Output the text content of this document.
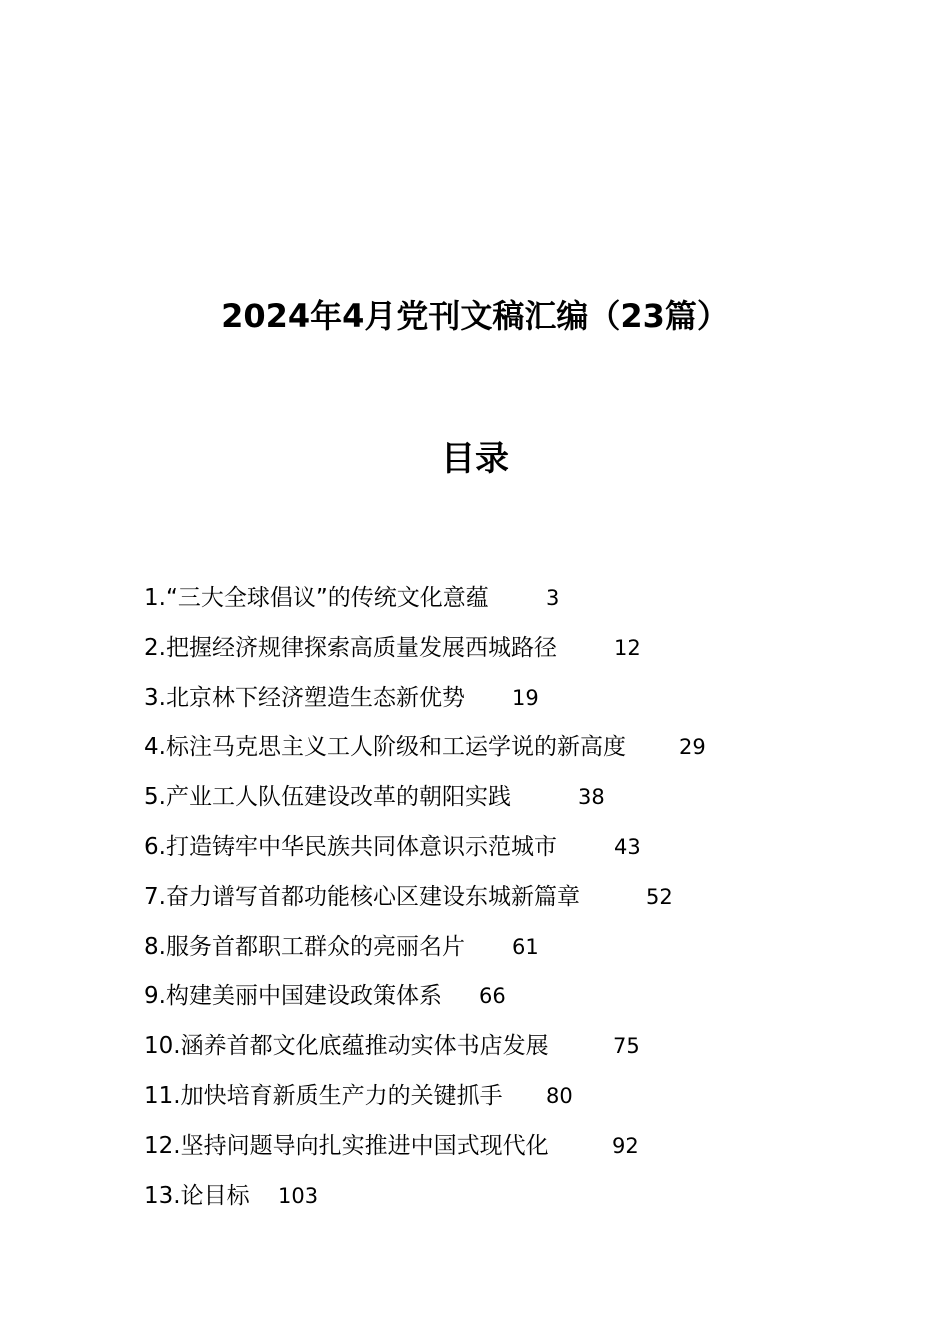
2024年4月党刊文稿汇编（23篇）
目录
1.“三大全球倡议”的传统文化意蕴	3
2.把握经济规律探索高质量发展西城路径	12
3.北京林下经济塑造生态新优势 19
4.标注马克思主义工人阶级和工运学说的新高度	29
5.产业工人队伍建设改革的朝阳实践	38
6.打造铸牢中华民族共同体意识示范城市	43
7.奋力谱写首都功能核心区建设东城新篇章	52
8.服务首都职工群众的亮丽名片 61
9.构建美丽中国建设政策体系 66
10.涵养首都文化底蕴推动实体书店发展	75
11.加快培育新质生产力的关键抓手 80
12.坚持问题导向扎实推进中国式现代化	92
13.论目标 103
